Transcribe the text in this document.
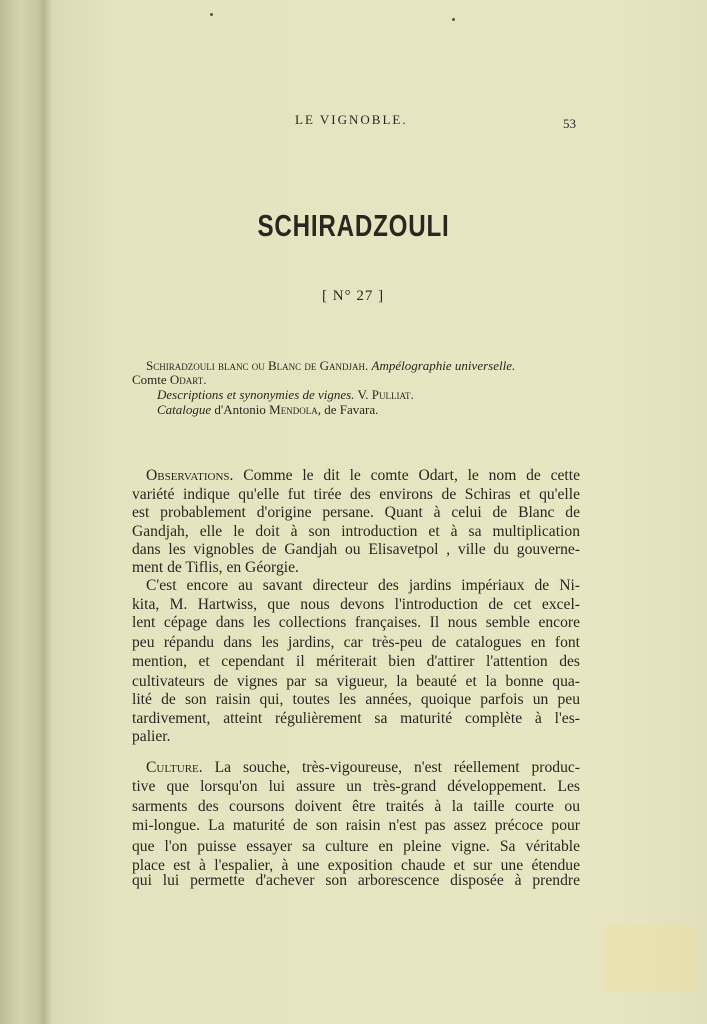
LE VIGNOBLE.	53
SCHIRADZOULI
[ N° 27 ]
Schiradzouli blanc ou Blanc de Gandjah. Ampélographie universelle.
Comte Odart.
Descriptions et synonymies de vignes. V. Pulliat.
Catalogue d'Antonio Mendola, de Favara.
Observations. Comme le dit le comte Odart, le nom de cette
variété indique qu'elle fut tirée des environs de Schiras et qu'elle
est probablement d'origine persane. Quant à celui de Blanc de
Gandjah, elle le doit à son introduction et à sa multiplication
dans les vignobles de Gandjah ou Elisavetpol , ville du gouverne-
ment de Tiflis, en Géorgie.
C'est encore au savant directeur des jardins impériaux de Ni-
kita, M. Hartwiss, que nous devons l'introduction de cet excel-
lent cépage dans les collections françaises. Il nous semble encore
peu répandu dans les jardins, car très-peu de catalogues en font
mention, et cependant il mériterait bien d'attirer l'attention des
cultivateurs de vignes par sa vigueur, la beauté et la bonne qua-
lité de son raisin qui, toutes les années, quoique parfois un peu
tardivement, atteint régulièrement sa maturité complète à l'es-
palier.
Culture. La souche, très-vigoureuse, n'est réellement produc-
tive que lorsqu'on lui assure un très-grand développement. Les
sarments des coursons doivent être traités à la taille courte ou
mi-longue. La maturité de son raisin n'est pas assez précoce pour
que l'on puisse essayer sa culture en pleine vigne. Sa véritable
place est à l'espalier, à une exposition chaude et sur une étendue
qui lui permette d'achever son arborescence disposée à prendre
